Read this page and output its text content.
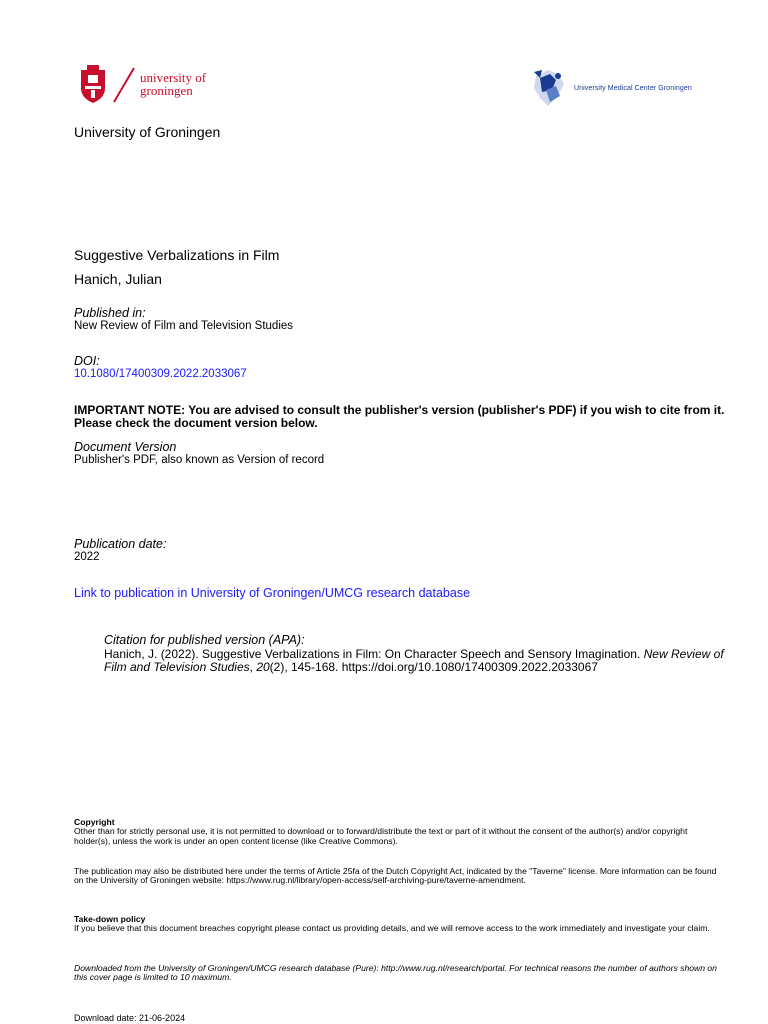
university of
groningen	University Medical Center Groningen
University of Groningen
Suggestive Verbalizations in Film
Hanich, Julian
Published in:
New Review of Film and Television Studies
DOI:
10.1080/17400309.2022.2033067
IMPORTANT NOTE: You are advised to consult the publisher's version (publisher's PDF) if you wish to cite from it. Please check the document version below.
Document Version
Publisher's PDF, also known as Version of record
Publication date:
2022
Link to publication in University of Groningen/UMCG research database
Citation for published version (APA):
Hanich, J. (2022). Suggestive Verbalizations in Film: On Character Speech and Sensory Imagination. New Review of Film and Television Studies, 20(2), 145-168. https://doi.org/10.1080/17400309.2022.2033067
Copyright
Other than for strictly personal use, it is not permitted to download or to forward/distribute the text or part of it without the consent of the author(s) and/or copyright holder(s), unless the work is under an open content license (like Creative Commons).
The publication may also be distributed here under the terms of Article 25fa of the Dutch Copyright Act, indicated by the "Taverne" license. More information can be found on the University of Groningen website: https://www.rug.nl/library/open-access/self-archiving-pure/taverne-amendment.
Take-down policy
If you believe that this document breaches copyright please contact us providing details, and we will remove access to the work immediately and investigate your claim.
Downloaded from the University of Groningen/UMCG research database (Pure): http://www.rug.nl/research/portal. For technical reasons the number of authors shown on this cover page is limited to 10 maximum.
Download date: 21-06-2024
